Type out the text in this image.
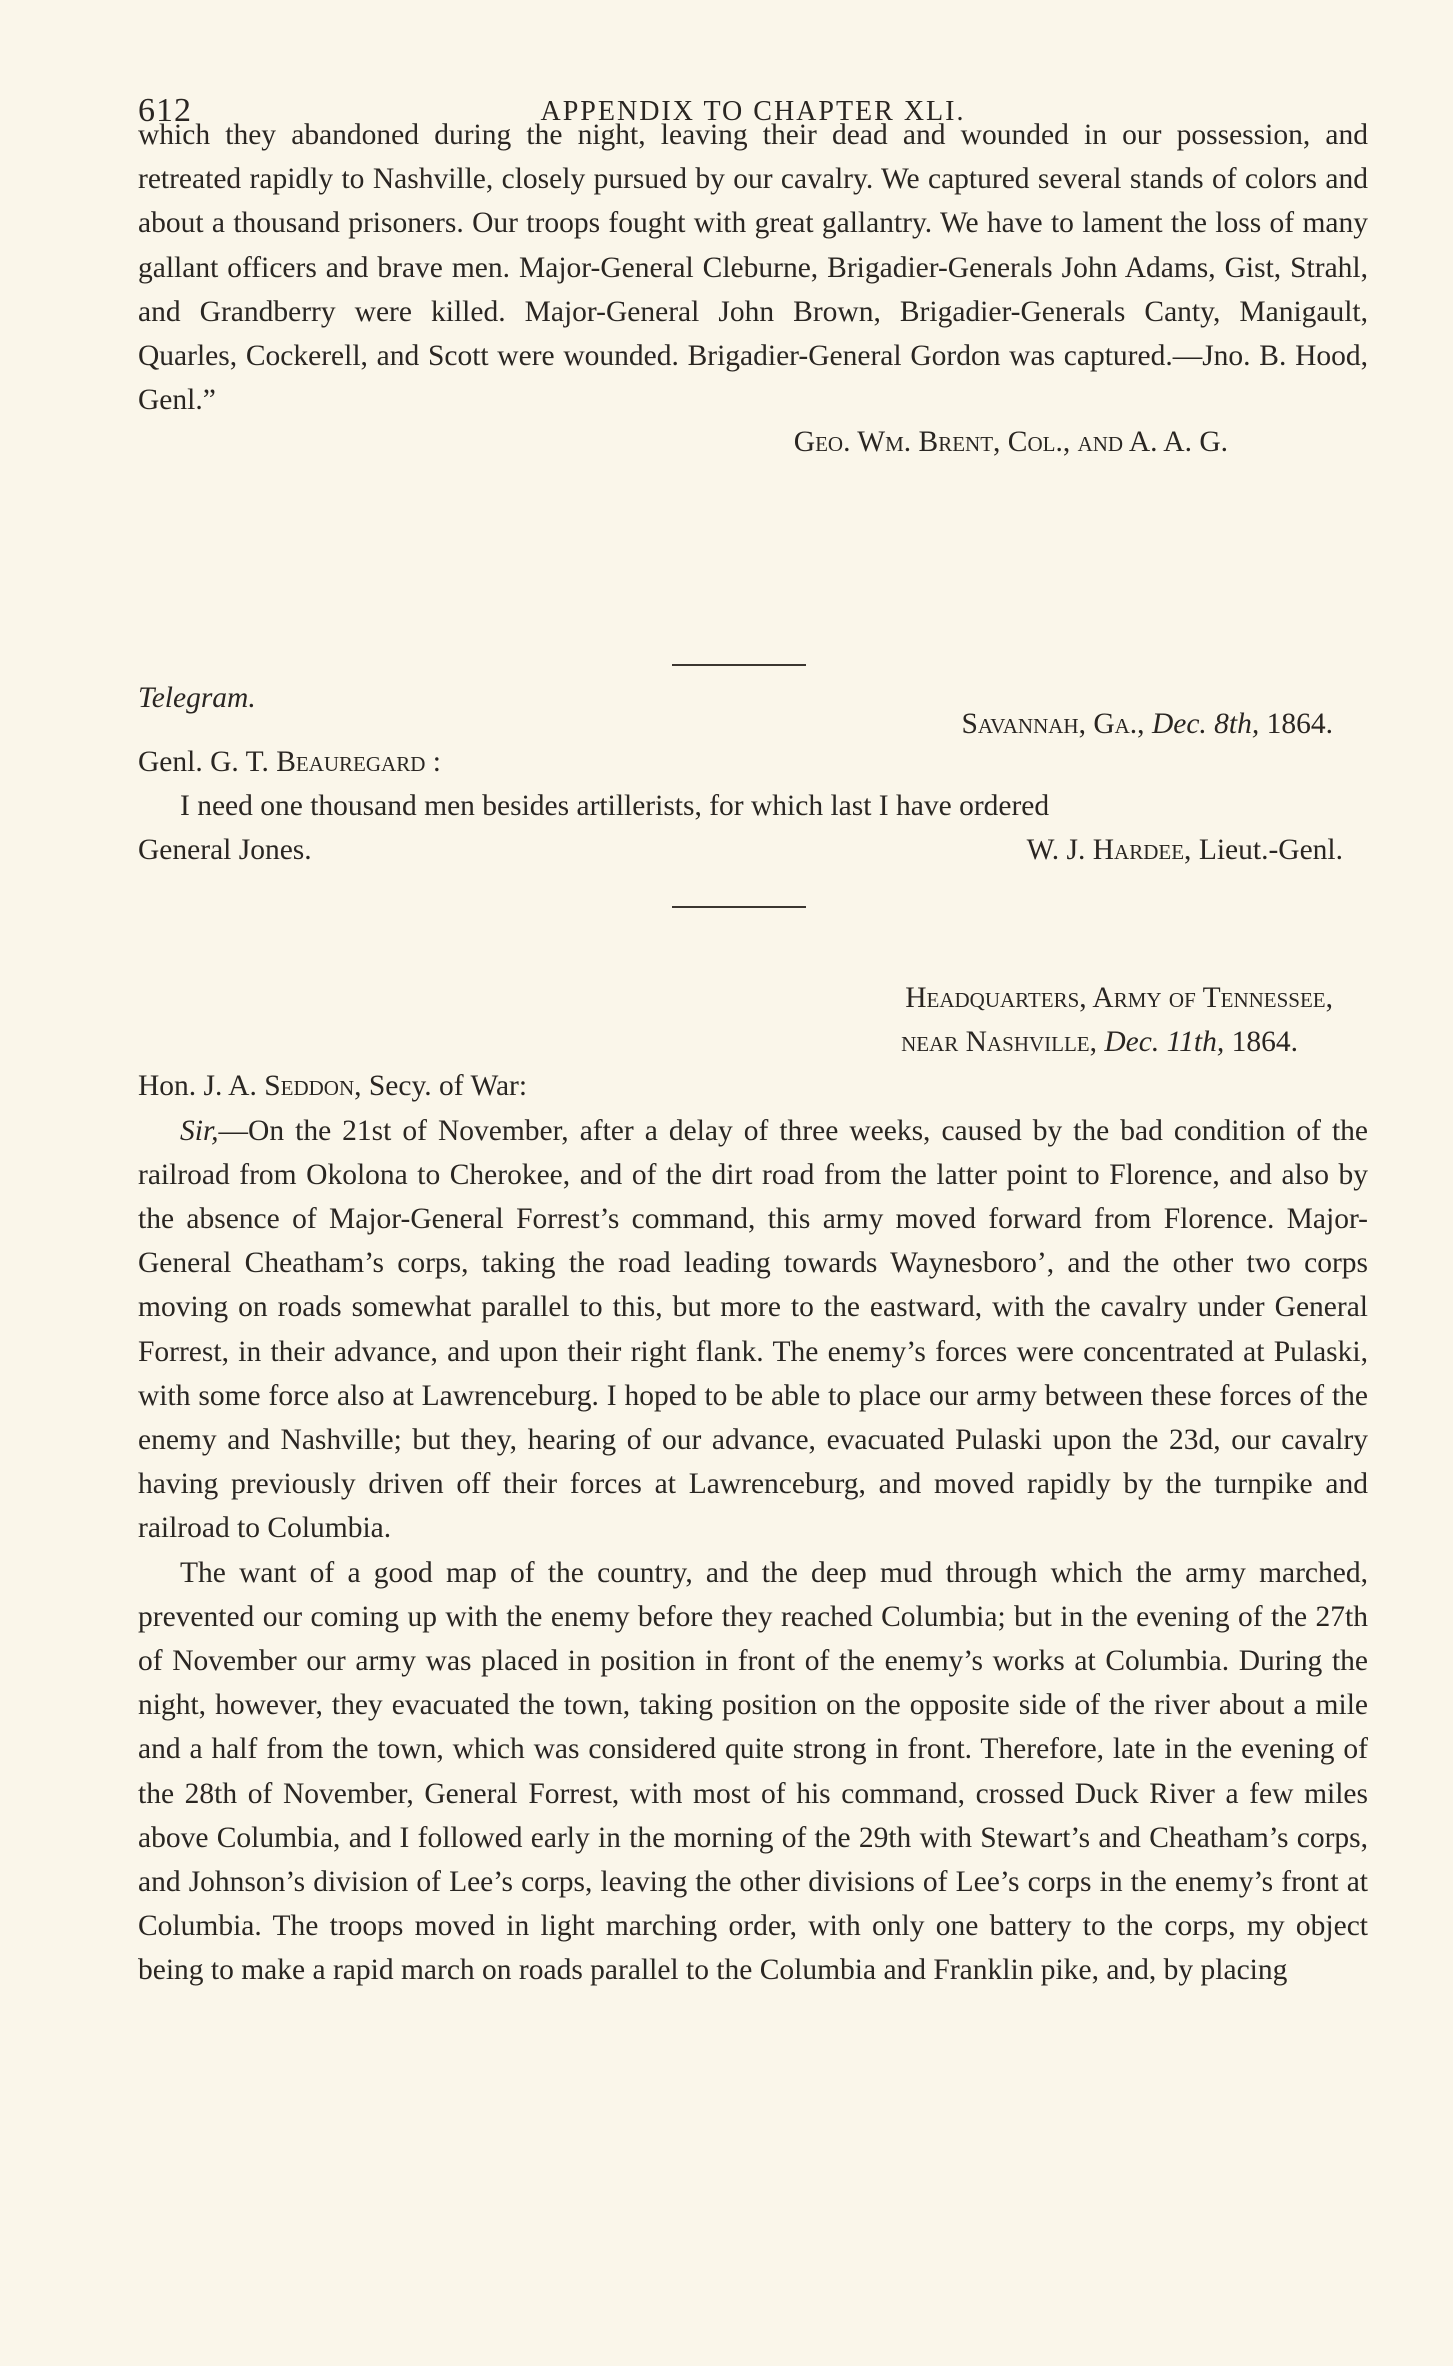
612	APPENDIX TO CHAPTER XLI.

which they abandoned during the night, leaving their dead and wounded in our possession, and retreated rapidly to Nashville, closely pursued by our cavalry. We captured several stands of colors and about a thousand prisoners. Our troops fought with great gallantry. We have to lament the loss of many gallant officers and brave men. Major-General Cleburne, Brigadier-Generals John Adams, Gist, Strahl, and Grandberry were killed. Major-General John Brown, Brigadier-Generals Canty, Manigault, Quarles, Cockerell, and Scott were wounded. Brigadier-General Gordon was captured.—Jno. B. Hood, Genl.”

Geo. Wm. Brent, Col., and A. A. G.

Telegram.
Savannah, Ga., Dec. 8th, 1864.

Genl. G. T. Beauregard :

I need one thousand men besides artillerists, for which last I have ordered

General Jones.	W. J. Hardee, Lieut.-Genl.

Headquarters, Army of Tennessee,

near Nashville, Dec. 11th, 1864.

Hon. J. A. Seddon, Secy. of War:

Sir,—On the 21st of November, after a delay of three weeks, caused by the bad condition of the railroad from Okolona to Cherokee, and of the dirt road from the latter point to Florence, and also by the absence of Major-General Forrest’s command, this army moved forward from Florence. Major-General Cheatham’s corps, taking the road leading towards Waynesboro’, and the other two corps moving on roads somewhat parallel to this, but more to the eastward, with the cavalry under General Forrest, in their advance, and upon their right flank. The enemy’s forces were concentrated at Pulaski, with some force also at Lawrenceburg. I hoped to be able to place our army between these forces of the enemy and Nashville; but they, hearing of our advance, evacuated Pulaski upon the 23d, our cavalry having previously driven off their forces at Lawrenceburg, and moved rapidly by the turnpike and railroad to Columbia.

The want of a good map of the country, and the deep mud through which the army marched, prevented our coming up with the enemy before they reached Columbia; but in the evening of the 27th of November our army was placed in position in front of the enemy’s works at Columbia. During the night, however, they evacuated the town, taking position on the opposite side of the river about a mile and a half from the town, which was considered quite strong in front. Therefore, late in the evening of the 28th of November, General Forrest, with most of his command, crossed Duck River a few miles above Columbia, and I followed early in the morning of the 29th with Stewart’s and Cheatham’s corps, and Johnson’s division of Lee’s corps, leaving the other divisions of Lee’s corps in the enemy’s front at Columbia. The troops moved in light marching order, with only one battery to the corps, my object being to make a rapid march on roads parallel to the Columbia and Franklin pike, and, by placing
